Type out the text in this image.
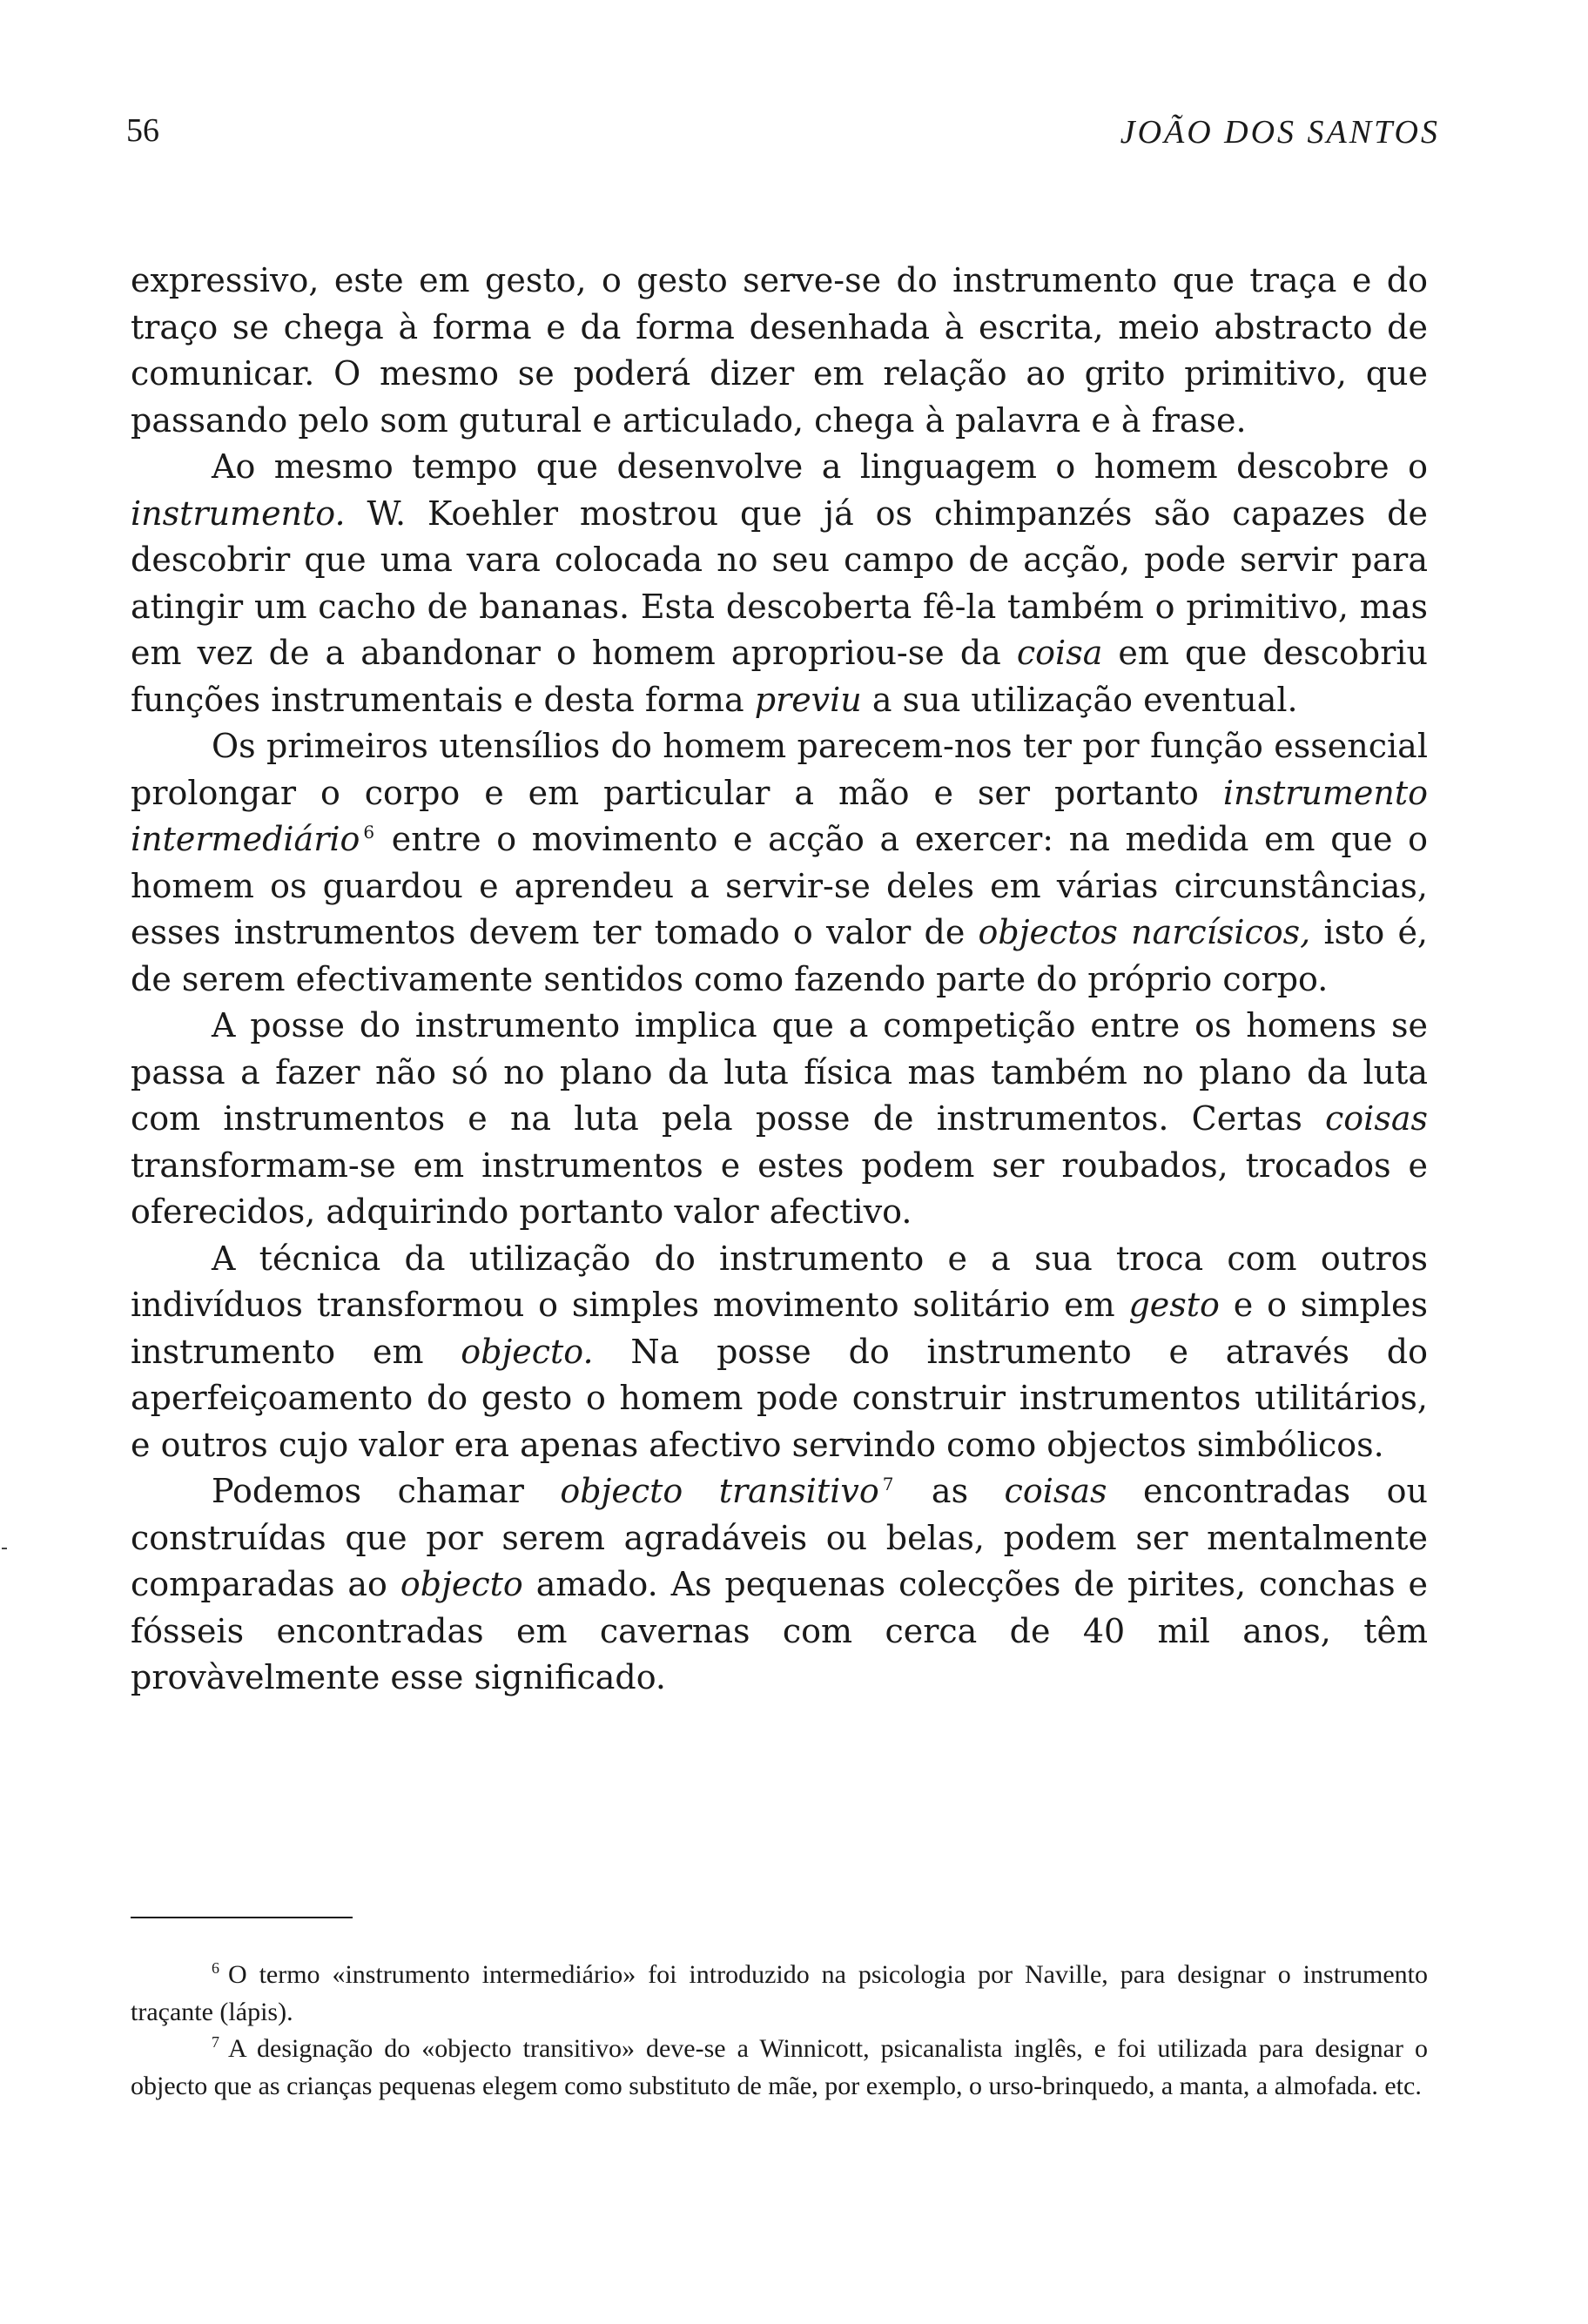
56	JOÃO DOS SANTOS

expressivo, este em gesto, o gesto serve-se do instrumento que traça e do traço se chega à forma e da forma desenhada à escrita, meio abstracto de comunicar. O mesmo se poderá dizer em relação ao grito primitivo, que passando pelo som gutural e articulado, chega à palavra e à frase.

Ao mesmo tempo que desenvolve a linguagem o homem descobre o instrumento. W. Koehler mostrou que já os chimpanzés são capazes de descobrir que uma vara colocada no seu campo de acção, pode servir para atingir um cacho de bananas. Esta descoberta fê-la também o primitivo, mas em vez de a abandonar o homem apropriou-se da coisa em que descobriu funções instrumentais e desta forma previu a sua utilização eventual.

Os primeiros utensílios do homem parecem-nos ter por função essencial prolongar o corpo e em particular a mão e ser portanto instrumento intermediário $^6$ entre o movimento e acção a exercer: na medida em que o homem os guardou e aprendeu a servir-se deles em várias circunstâncias, esses instrumentos devem ter tomado o valor de objectos narcísicos, isto é, de serem efectivamente sentidos como fazendo parte do próprio corpo.

A posse do instrumento implica que a competição entre os homens se passa a fazer não só no plano da luta física mas também no plano da luta com instrumentos e na luta pela posse de instrumentos. Certas coisas transformam-se em instrumentos e estes podem ser roubados, trocados e oferecidos, adquirindo portanto valor afectivo.

A técnica da utilização do instrumento e a sua troca com outros indivíduos transformou o simples movimento solitário em gesto e o simples instrumento em objecto. Na posse do instrumento e através do aperfeiçoamento do gesto o homem pode construir instrumentos utilitários, e outros cujo valor era apenas afectivo servindo como objectos simbólicos.

Podemos chamar objecto transitivo $^7$ as coisas encontradas ou construídas que por serem agradáveis ou belas, podem ser mentalmente comparadas ao objecto amado. As pequenas colecções de pirites, conchas e fósseis encontradas em cavernas com cerca de 40 mil anos, têm provàvelmente esse significado.

$^6$ O termo «instrumento intermediário» foi introduzido na psicologia por Naville, para designar o instrumento traçante (lápis).

$^7$ A designação do «objecto transitivo» deve-se a Winnicott, psicanalista inglês, e foi utilizada para designar o objecto que as crianças pequenas elegem como substituto de mãe, por exemplo, o urso-brinquedo, a manta, a almofada. etc.
